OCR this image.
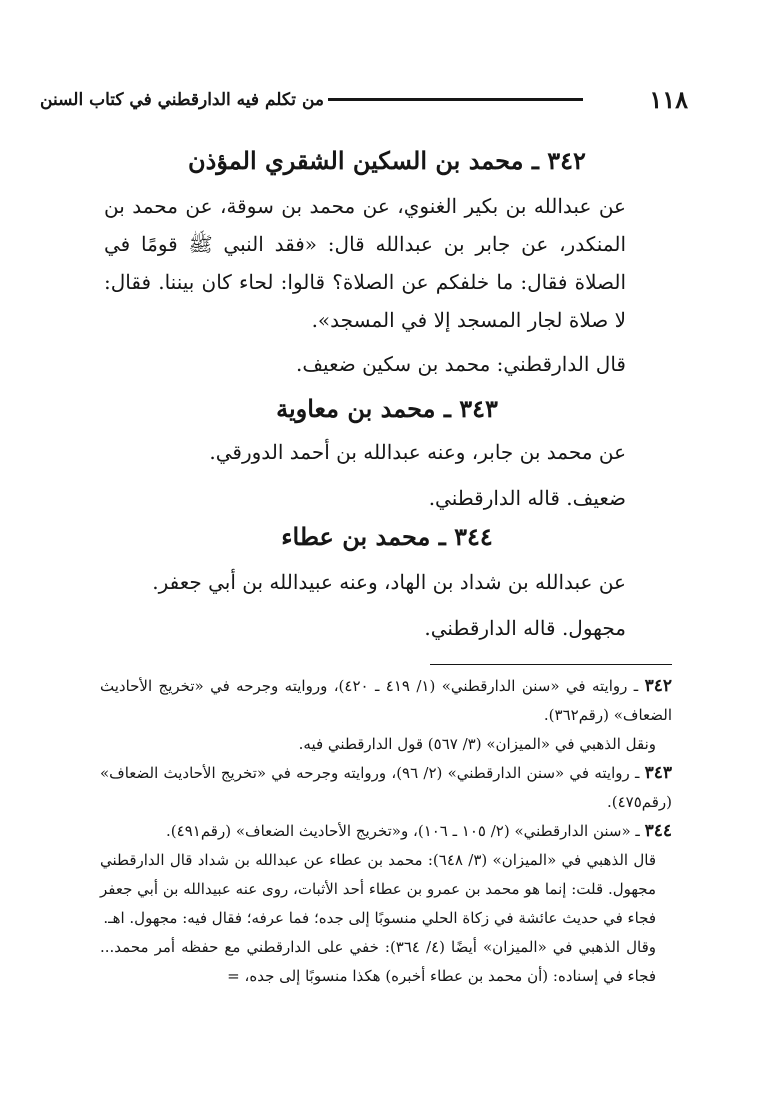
١١٨
من تكلم فيه الدارقطني في كتاب السنن
٣٤٢ ـ محمد بن السكين الشقري المؤذن
عن عبدالله بن بكير الغنوي، عن محمد بن سوقة، عن محمد بن المنكدر، عن جابر بن عبدالله قال: «فقد النبي ﷺ قومًا في الصلاة فقال: ما خلفكم عن الصلاة؟ قالوا: لحاء كان بيننا. فقال: لا صلاة لجار المسجد إلا في المسجد».
قال الدارقطني: محمد بن سكين ضعيف.
٣٤٣ ـ محمد بن معاوية
عن محمد بن جابر، وعنه عبدالله بن أحمد الدورقي.
ضعيف. قاله الدارقطني.
٣٤٤ ـ محمد بن عطاء
عن عبدالله بن شداد بن الهاد، وعنه عبيدالله بن أبي جعفر.
مجهول. قاله الدارقطني.
٣٤٢ ـ روايته في «سنن الدارقطني» (١/ ٤١٩ ـ ٤٢٠)، وروايته وجرحه في «تخريج الأحاديث الضعاف» (رقم٣٦٢).
ونقل الذهبي في «الميزان» (٣/ ٥٦٧) قول الدارقطني فيه.
٣٤٣ ـ روايته في «سنن الدارقطني» (٢/ ٩٦)، وروايته وجرحه في «تخريج الأحاديث الضعاف» (رقم٤٧٥).
٣٤٤ ـ «سنن الدارقطني» (٢/ ١٠٥ ـ ١٠٦)، و«تخريج الأحاديث الضعاف» (رقم٤٩١).
قال الذهبي في «الميزان» (٣/ ٦٤٨): محمد بن عطاء عن عبدالله بن شداد قال الدارقطني مجهول. قلت: إنما هو محمد بن عمرو بن عطاء أحد الأثبات، روى عنه عبيدالله بن أبي جعفر فجاء في حديث عائشة في زكاة الحلي منسوبًا إلى جده؛ فما عرفه؛ فقال فيه: مجهول. اهـ.
وقال الذهبي في «الميزان» أيضًا (٤/ ٣٦٤): خفي على الدارقطني مع حفظه أمر محمد... فجاء في إسناده: (أن محمد بن عطاء أخبره) هكذا منسوبًا إلى جده، =
